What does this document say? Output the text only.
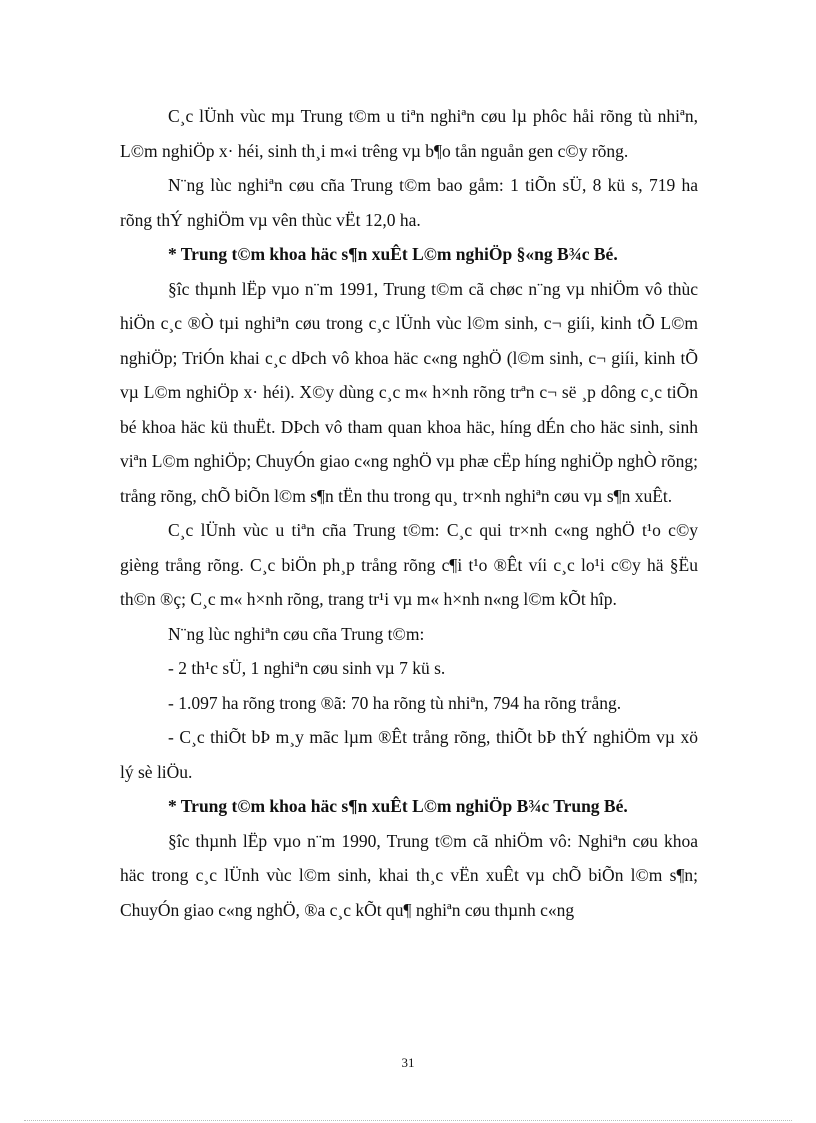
C¸c lÜnh vùc mµ Trung t©m u tiªn nghiªn cøu lµ phôc håi rõng tù nhiªn, L©m nghiÖp x· héi, sinh th¸i m«i trêng vµ b¶o tån nguån gen c©y rõng.

N¨ng lùc nghiªn cøu cña Trung t©m bao gåm: 1 tiÕn sÜ, 8 kü s, 719 ha rõng thÝ nghiÖm vµ vên thùc vËt 12,0 ha.

* Trung t©m khoa häc s¶n xuÊt L©m nghiÖp §«ng B¾c Bé.

§îc thµnh lËp vµo n¨m 1991, Trung t©m cã chøc n¨ng vµ nhiÖm vô thùc hiÖn c¸c ®Ò tµi nghiªn cøu trong c¸c lÜnh vùc l©m sinh, c¬ giíi, kinh tÕ L©m nghiÖp; TriÓn khai c¸c dÞch vô khoa häc c«ng nghÖ (l©m sinh, c¬ giíi, kinh tÕ vµ L©m nghiÖp x· héi). X©y dùng c¸c m« h×nh rõng trªn c¬ së ¸p dông c¸c tiÕn bé khoa häc kü thuËt. DÞch vô tham quan khoa häc, híng dÉn cho häc sinh, sinh viªn L©m nghiÖp; ChuyÓn giao c«ng nghÖ vµ phæ cËp híng nghiÖp nghÒ rõng; trång rõng, chÕ biÕn l©m s¶n tËn thu trong qu¸ tr×nh nghiªn cøu vµ s¶n xuÊt.

C¸c lÜnh vùc u tiªn cña Trung t©m: C¸c qui tr×nh c«ng nghÖ t¹o c©y gièng trång rõng. C¸c biÖn ph¸p trång rõng c¶i t¹o ®Êt víi c¸c lo¹i c©y hä §Ëu th©n ®ç; C¸c m« h×nh rõng, trang tr¹i vµ m« h×nh n«ng l©m kÕt hîp.

N¨ng lùc nghiªn cøu cña Trung t©m:

- 2 th¹c sÜ, 1 nghiªn cøu sinh vµ 7 kü s.

- 1.097 ha rõng trong ®ã: 70 ha rõng tù nhiªn, 794 ha rõng trång.

- C¸c thiÕt bÞ m¸y mãc lµm ®Êt trång rõng, thiÕt bÞ thÝ nghiÖm vµ xö lý sè liÖu.

* Trung t©m khoa häc s¶n xuÊt L©m nghiÖp B¾c Trung Bé.

§îc thµnh lËp vµo n¨m 1990, Trung t©m cã nhiÖm vô: Nghiªn cøu khoa häc trong c¸c lÜnh vùc l©m sinh, khai th¸c vËn xuÊt vµ chÕ biÕn l©m s¶n; ChuyÓn giao c«ng nghÖ, ®a c¸c kÕt qu¶ nghiªn cøu thµnh c«ng

31
